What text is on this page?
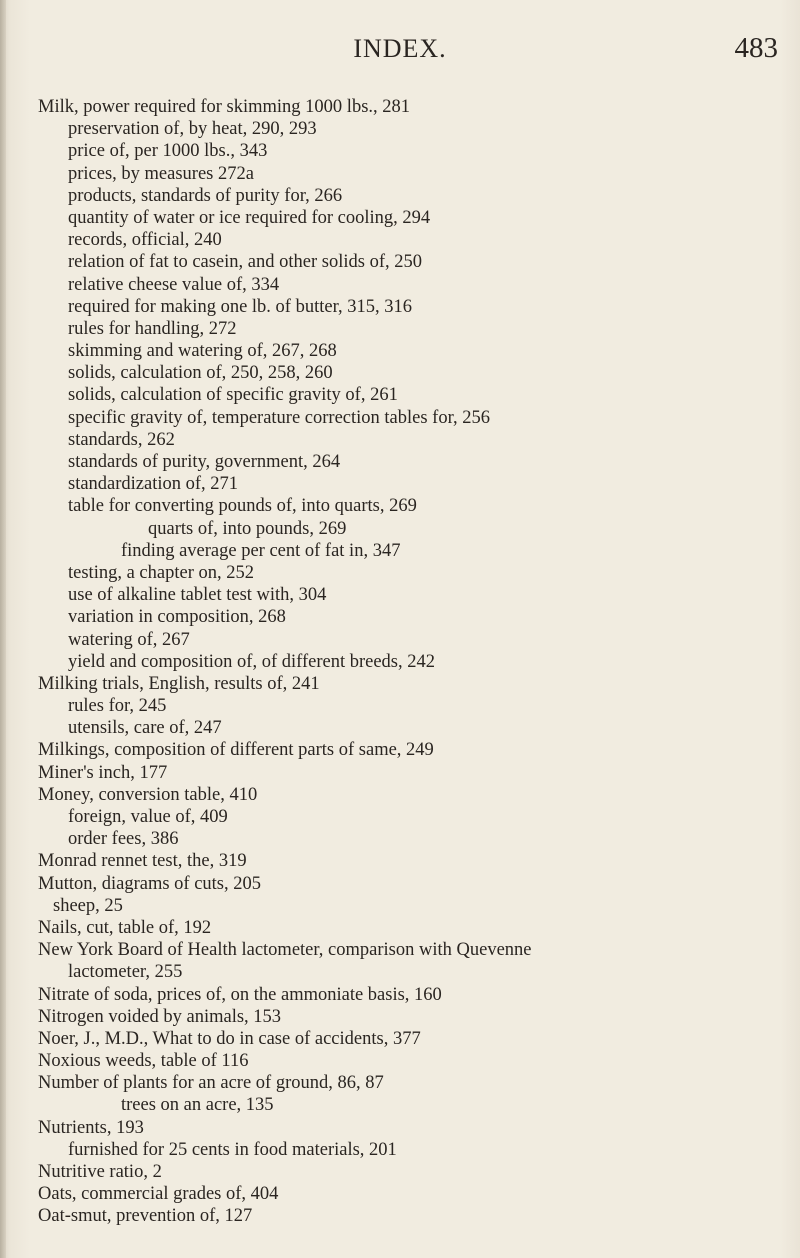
INDEX.	483
Milk, power required for skimming 1000 lbs., 281
preservation of, by heat, 290, 293
price of, per 1000 lbs., 343
prices, by measures 272a
products, standards of purity for, 266
quantity of water or ice required for cooling, 294
records, official, 240
relation of fat to casein, and other solids of, 250
relative cheese value of, 334
required for making one lb. of butter, 315, 316
rules for handling, 272
skimming and watering of, 267, 268
solids, calculation of, 250, 258, 260
solids, calculation of specific gravity of, 261
specific gravity of, temperature correction tables for, 256
standards, 262
standards of purity, government, 264
standardization of, 271
table for converting pounds of, into quarts, 269
quarts of, into pounds, 269
finding average per cent of fat in, 347
testing, a chapter on, 252
use of alkaline tablet test with, 304
variation in composition, 268
watering of, 267
yield and composition of, of different breeds, 242
Milking trials, English, results of, 241
rules for, 245
utensils, care of, 247
Milkings, composition of different parts of same, 249
Miner's inch, 177
Money, conversion table, 410
foreign, value of, 409
order fees, 386
Monrad rennet test, the, 319
Mutton, diagrams of cuts, 205
sheep, 25
Nails, cut, table of, 192
New York Board of Health lactometer, comparison with Quevenne
lactometer, 255
Nitrate of soda, prices of, on the ammoniate basis, 160
Nitrogen voided by animals, 153
Noer, J., M.D., What to do in case of accidents, 377
Noxious weeds, table of 116
Number of plants for an acre of ground, 86, 87
trees on an acre, 135
Nutrients, 193
furnished for 25 cents in food materials, 201
Nutritive ratio, 2
Oats, commercial grades of, 404
Oat-smut, prevention of, 127
